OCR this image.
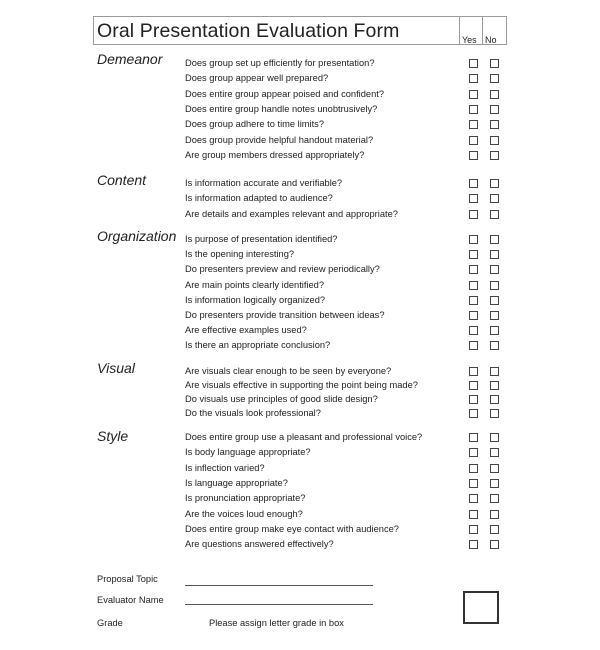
Oral Presentation Evaluation Form	Yes No
Demeanor Does group set up efficiently for presentation?
Does group appear well prepared?
Does entire group appear poised and confident?
Does entire group handle notes unobtrusively?
Does group adhere to time limits?
Does group provide helpful handout material?
Are group members dressed appropriately?
Content	Is information accurate and verifiable?
Is information adapted to audience?
Are details and examples relevant and appropriate?
Organization Is purpose of presentation identified?
Is the opening interesting?
Do presenters preview and review periodically?
Are main points clearly identified?
Is information logically organized?
Do presenters provide transition between ideas?
Are effective examples used?
Is there an appropriate conclusion?
Visual	Are visuals clear enough to be seen by everyone?
Are visuals effective in supporting the point being made?
Do visuals use principles of good slide design?
Do the visuals look professional?
Style	Does entire group use a pleasant and professional voice?
Is body language appropriate?
Is inflection varied?
Is language appropriate?
Is pronunciation appropriate?
Are the voices loud enough?
Does entire group make eye contact with audience?
Are questions answered effectively?
Proposal Topic
Evaluator Name
Grade	Please assign letter grade in box
